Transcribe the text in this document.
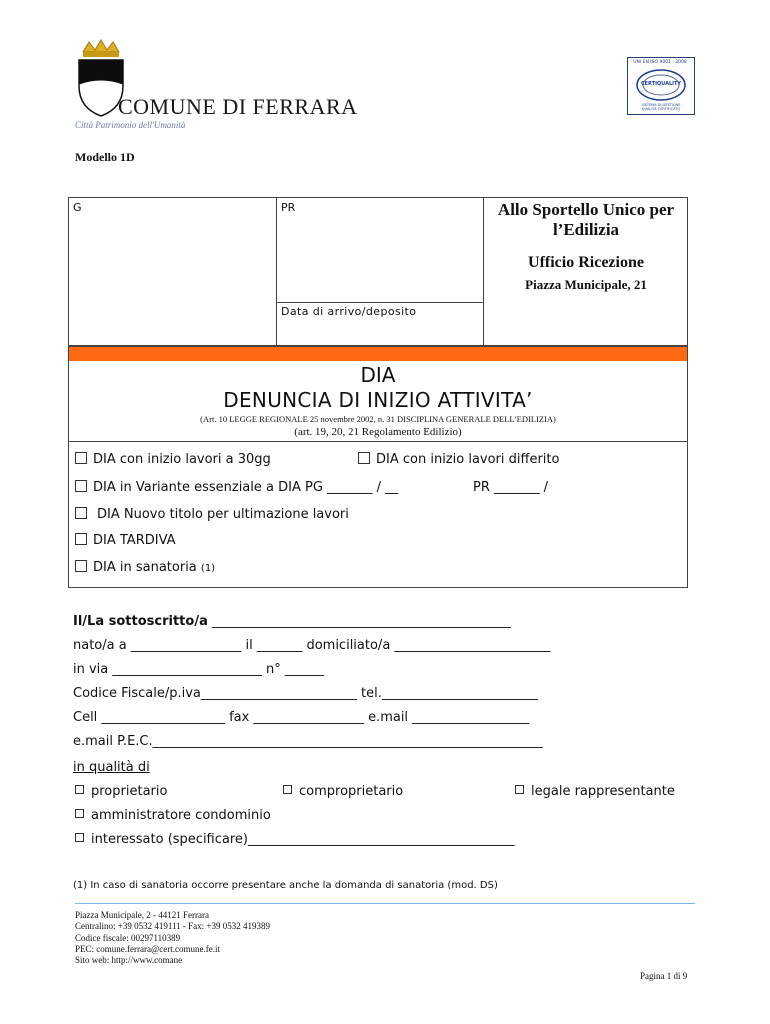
COMUNE DI FERRARA
Città Patrimonio dell'Umanità
UNI EN ISO 9001 : 2008
CERTIQUALITY
SISTEMA DI GESTIONE QUALITÀ CERTIFICATO
Modello 1D
G	PR
Data di arrivo/deposito
Allo Sportello Unico per
l’Edilizia
Ufficio Ricezione
Piazza Municipale, 21
DIA
DENUNCIA DI INIZIO ATTIVITA’
(Art. 10 LEGGE REGIONALE 25 novembre 2002, n. 31 DISCIPLINA GENERALE DELL’EDILIZIA)
(art. 19, 20, 21 Regolamento Edilizio)
DIA con inizio lavori a 30gg	DIA con inizio lavori differito
DIA in Variante essenziale a DIA PG _______ / __	PR _______ /
DIA Nuovo titolo per ultimazione lavori
DIA TARDIVA
DIA in sanatoria (1)
Il/La sottoscritto/a ______________________________________________
nato/a a _________________ il _______ domiciliato/a ________________________
in via _______________________ n° ______
Codice Fiscale/p.iva________________________ tel.________________________
Cell ___________________ fax _________________ e.mail __________________
e.mail P.E.C.____________________________________________________________
in qualità di
proprietario	comproprietario	legale rappresentante
amministratore condominio
interessato (specificare)_________________________________________
(1) In caso di sanatoria occorre presentare anche la domanda di sanatoria (mod. DS)
Piazza Municipale, 2 - 44121 Ferrara
Centralino: +39 0532 419111 - Fax: +39 0532 419389
Codice fiscale: 00297110389
PEC: comune.ferrara@cert.comune.fe.it
Sito web: http://www.comane
Pagina 1 di 9
